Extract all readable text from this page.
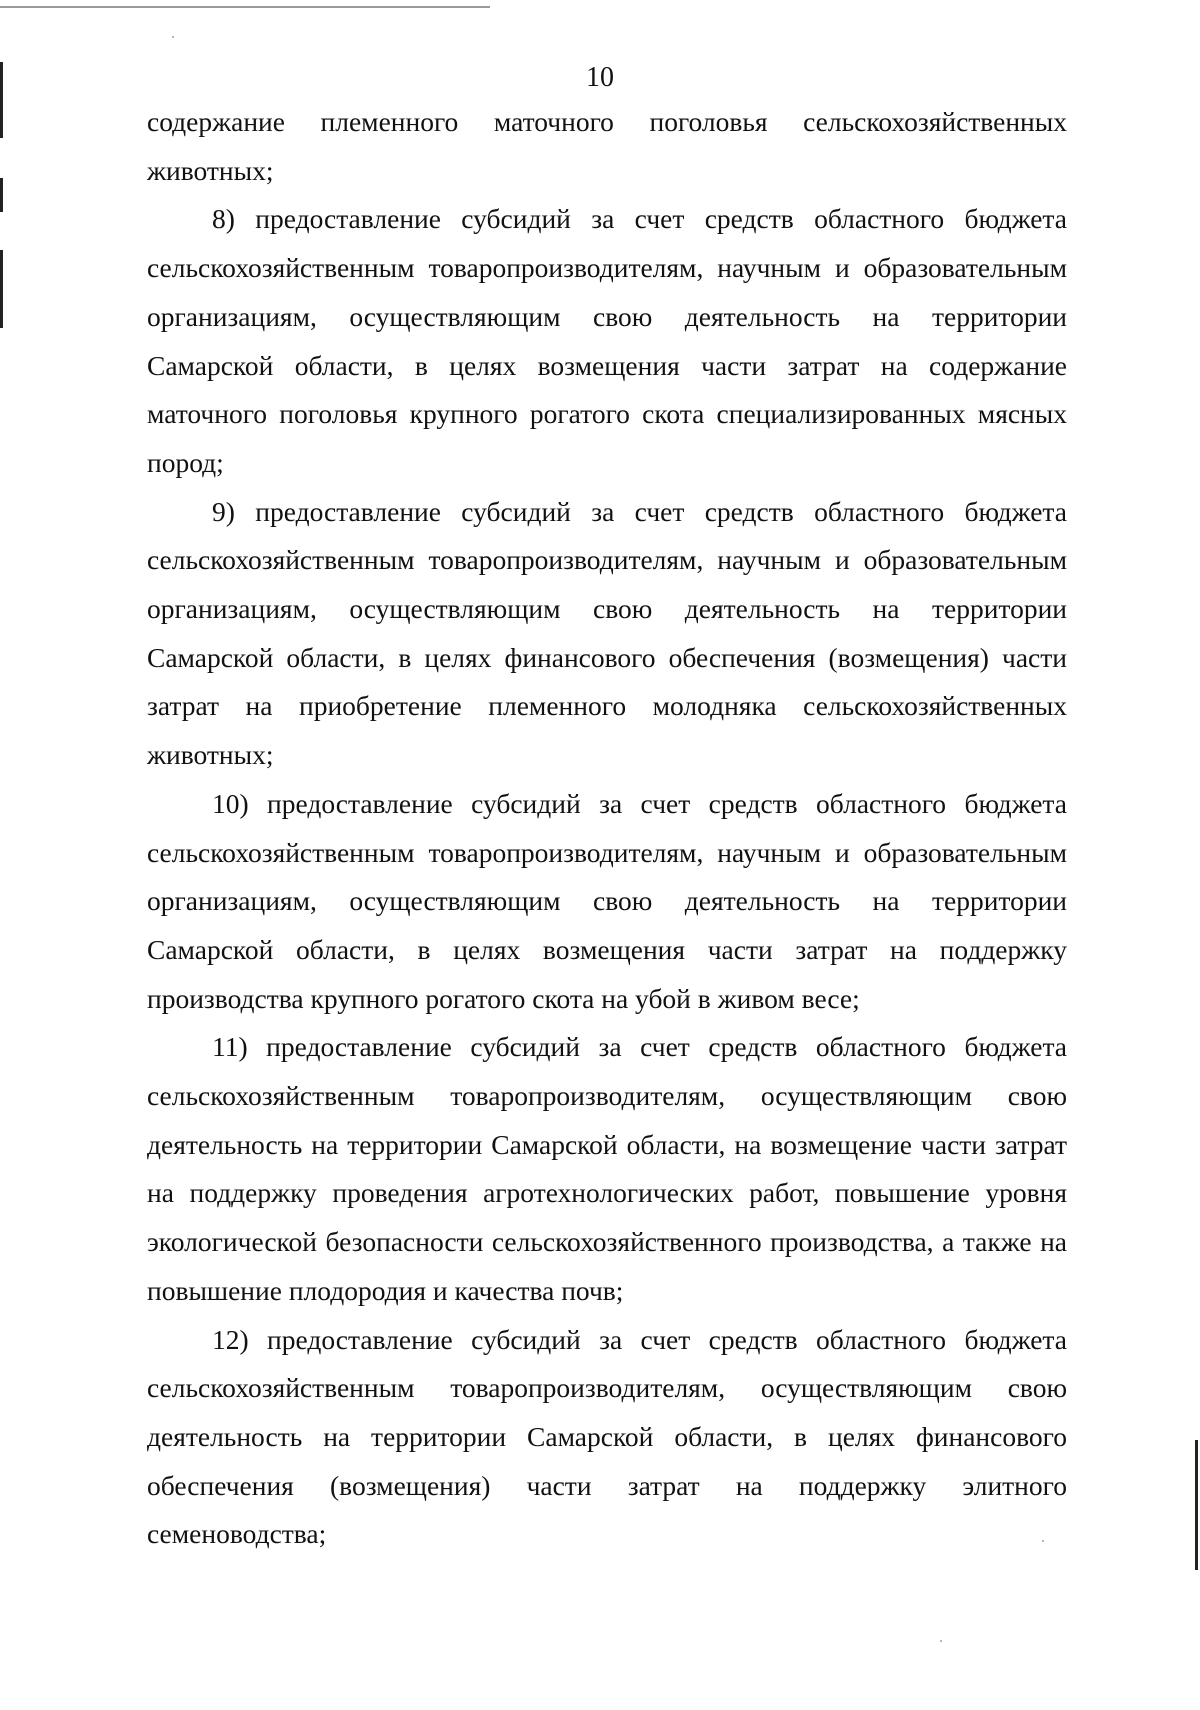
10

содержание племенного маточного поголовья сельскохозяйственных животных;

8) предоставление субсидий за счет средств областного бюджета сельскохозяйственным товаропроизводителям, научным и образовательным организациям, осуществляющим свою деятельность на территории Самарской области, в целях возмещения части затрат на содержание маточного поголовья крупного рогатого скота специализированных мясных пород;

9) предоставление субсидий за счет средств областного бюджета сельскохозяйственным товаропроизводителям, научным и образовательным организациям, осуществляющим свою деятельность на территории Самарской области, в целях финансового обеспечения (возмещения) части затрат на приобретение племенного молодняка сельскохозяйственных животных;

10) предоставление субсидий за счет средств областного бюджета сельскохозяйственным товаропроизводителям, научным и образовательным организациям, осуществляющим свою деятельность на территории Самарской области, в целях возмещения части затрат на поддержку производства крупного рогатого скота на убой в живом весе;

11) предоставление субсидий за счет средств областного бюджета сельскохозяйственным товаропроизводителям, осуществляющим свою деятельность на территории Самарской области, на возмещение части затрат на поддержку проведения агротехнологических работ, повышение уровня экологической безопасности сельскохозяйственного производства, а также на повышение плодородия и качества почв;

12) предоставление субсидий за счет средств областного бюджета сельскохозяйственным товаропроизводителям, осуществляющим свою деятельность на территории Самарской области, в целях финансового обеспечения (возмещения) части затрат на поддержку элитного семеноводства;
